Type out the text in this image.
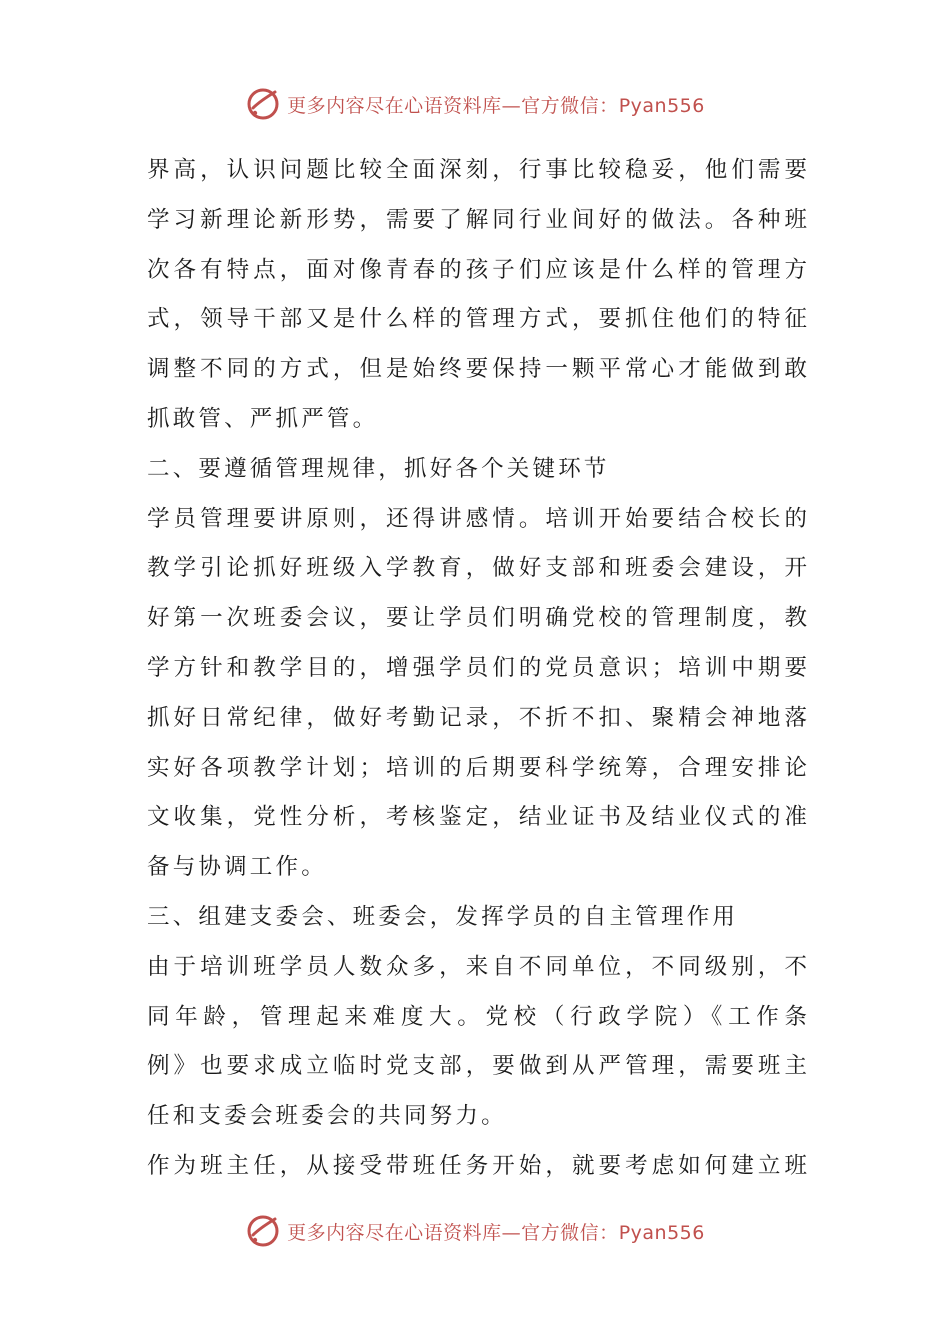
更多内容尽在心语资料库—官方微信：Pyan556
界高，认识问题比较全面深刻，行事比较稳妥，他们需要
学习新理论新形势，需要了解同行业间好的做法。各种班
次各有特点，面对像青春的孩子们应该是什么样的管理方
式，领导干部又是什么样的管理方式，要抓住他们的特征
调整不同的方式，但是始终要保持一颗平常心才能做到敢
抓敢管、严抓严管。
二、要遵循管理规律，抓好各个关键环节
学员管理要讲原则，还得讲感情。培训开始要结合校长的
教学引论抓好班级入学教育，做好支部和班委会建设，开
好第一次班委会议，要让学员们明确党校的管理制度，教
学方针和教学目的，增强学员们的党员意识；培训中期要
抓好日常纪律，做好考勤记录，不折不扣、聚精会神地落
实好各项教学计划；培训的后期要科学统筹，合理安排论
文收集，党性分析，考核鉴定，结业证书及结业仪式的准
备与协调工作。
三、组建支委会、班委会，发挥学员的自主管理作用
由于培训班学员人数众多，来自不同单位，不同级别，不
同年龄，管理起来难度大。党校（行政学院）《工作条
例》也要求成立临时党支部，要做到从严管理，需要班主
任和支委会班委会的共同努力。
作为班主任，从接受带班任务开始，就要考虑如何建立班
更多内容尽在心语资料库—官方微信：Pyan556
